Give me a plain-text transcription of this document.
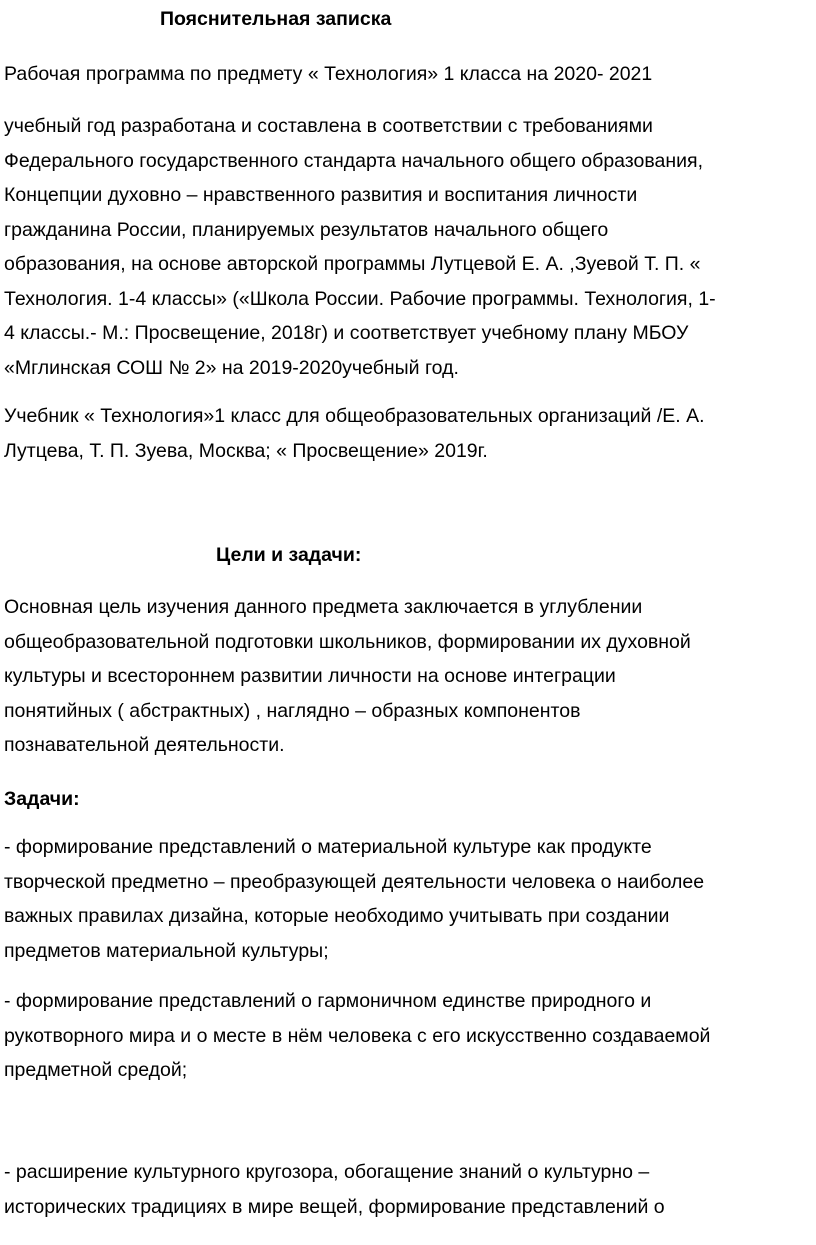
Пояснительная записка
Рабочая программа по предмету « Технология» 1 класса на 2020- 2021
учебный год разработана и составлена в соответствии с требованиями
Федерального государственного стандарта начального общего образования,
Концепции духовно – нравственного развития и воспитания личности
гражданина России, планируемых результатов начального общего
образования, на основе авторской программы Лутцевой Е. А. ,Зуевой Т. П. «
Технология. 1-4 классы» («Школа России. Рабочие программы. Технология, 1-
4 классы.- М.: Просвещение, 2018г) и соответствует учебному плану МБОУ
«Мглинская СОШ № 2» на 2019-2020учебный год.
Учебник « Технология»1 класс для общеобразовательных организаций /Е. А.
Лутцева, Т. П. Зуева, Москва; « Просвещение» 2019г.
Цели и задачи:
Основная цель изучения данного предмета заключается в углублении
общеобразовательной подготовки школьников, формировании их духовной
культуры и всестороннем развитии личности на основе интеграции
понятийных ( абстрактных) , наглядно – образных компонентов
познавательной деятельности.
Задачи:
- формирование представлений о материальной культуре как продукте
творческой предметно – преобразующей деятельности человека о наиболее
важных правилах дизайна, которые необходимо учитывать при создании
предметов материальной культуры;
- формирование представлений о гармоничном единстве природного и
рукотворного мира и о месте в нём человека с его искусственно создаваемой
предметной средой;
- расширение культурного кругозора, обогащение знаний о культурно –
исторических традициях в мире вещей, формирование представлений о
